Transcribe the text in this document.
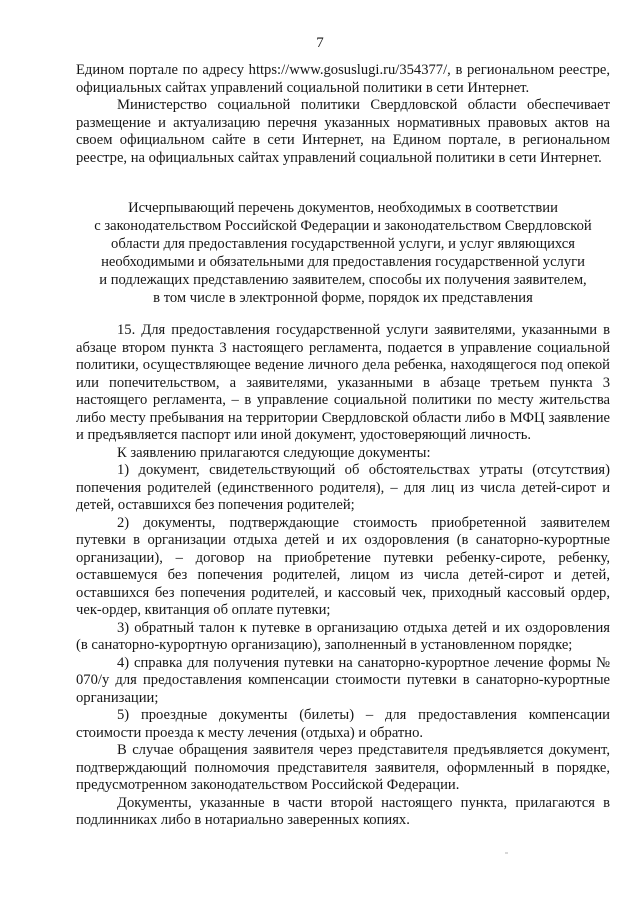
7

Едином портале по адресу https://www.gosuslugi.ru/354377/, в региональном реестре, официальных сайтах управлений социальной политики в сети Интернет.

Министерство социальной политики Свердловской области обеспечивает размещение и актуализацию перечня указанных нормативных правовых актов на своем официальном сайте в сети Интернет, на Едином портале, в региональном реестре, на официальных сайтах управлений социальной политики в сети Интернет.

Исчерпывающий перечень документов, необходимых в соответствии
с законодательством Российской Федерации и законодательством Свердловской
области для предоставления государственной услуги, и услуг являющихся
необходимыми и обязательными для предоставления государственной услуги
и подлежащих представлению заявителем, способы их получения заявителем,
в том числе в электронной форме, порядок их представления

15. Для предоставления государственной услуги заявителями, указанными в абзаце втором пункта 3 настоящего регламента, подается в управление социальной политики, осуществляющее ведение личного дела ребенка, находящегося под опекой или попечительством, а заявителями, указанными в абзаце третьем пункта 3 настоящего регламента, – в управление социальной политики по месту жительства либо месту пребывания на территории Свердловской области либо в МФЦ заявление и предъявляется паспорт или иной документ, удостоверяющий личность.

К заявлению прилагаются следующие документы:

1) документ, свидетельствующий об обстоятельствах утраты (отсутствия) попечения родителей (единственного родителя), – для лиц из числа детей-сирот и детей, оставшихся без попечения родителей;

2) документы, подтверждающие стоимость приобретенной заявителем путевки в организации отдыха детей и их оздоровления (в санаторно-курортные организации), – договор на приобретение путевки ребенку-сироте, ребенку, оставшемуся без попечения родителей, лицом из числа детей-сирот и детей, оставшихся без попечения родителей, и кассовый чек, приходный кассовый ордер, чек-ордер, квитанция об оплате путевки;

3) обратный талон к путевке в организацию отдыха детей и их оздоровления (в санаторно-курортную организацию), заполненный в установленном порядке;

4) справка для получения путевки на санаторно-курортное лечение формы № 070/у для предоставления компенсации стоимости путевки в санаторно-курортные организации;

5) проездные документы (билеты) – для предоставления компенсации стоимости проезда к месту лечения (отдыха) и обратно.

В случае обращения заявителя через представителя предъявляется документ, подтверждающий полномочия представителя заявителя, оформленный в порядке, предусмотренном законодательством Российской Федерации.

Документы, указанные в части второй настоящего пункта, прилагаются в подлинниках либо в нотариально заверенных копиях.
